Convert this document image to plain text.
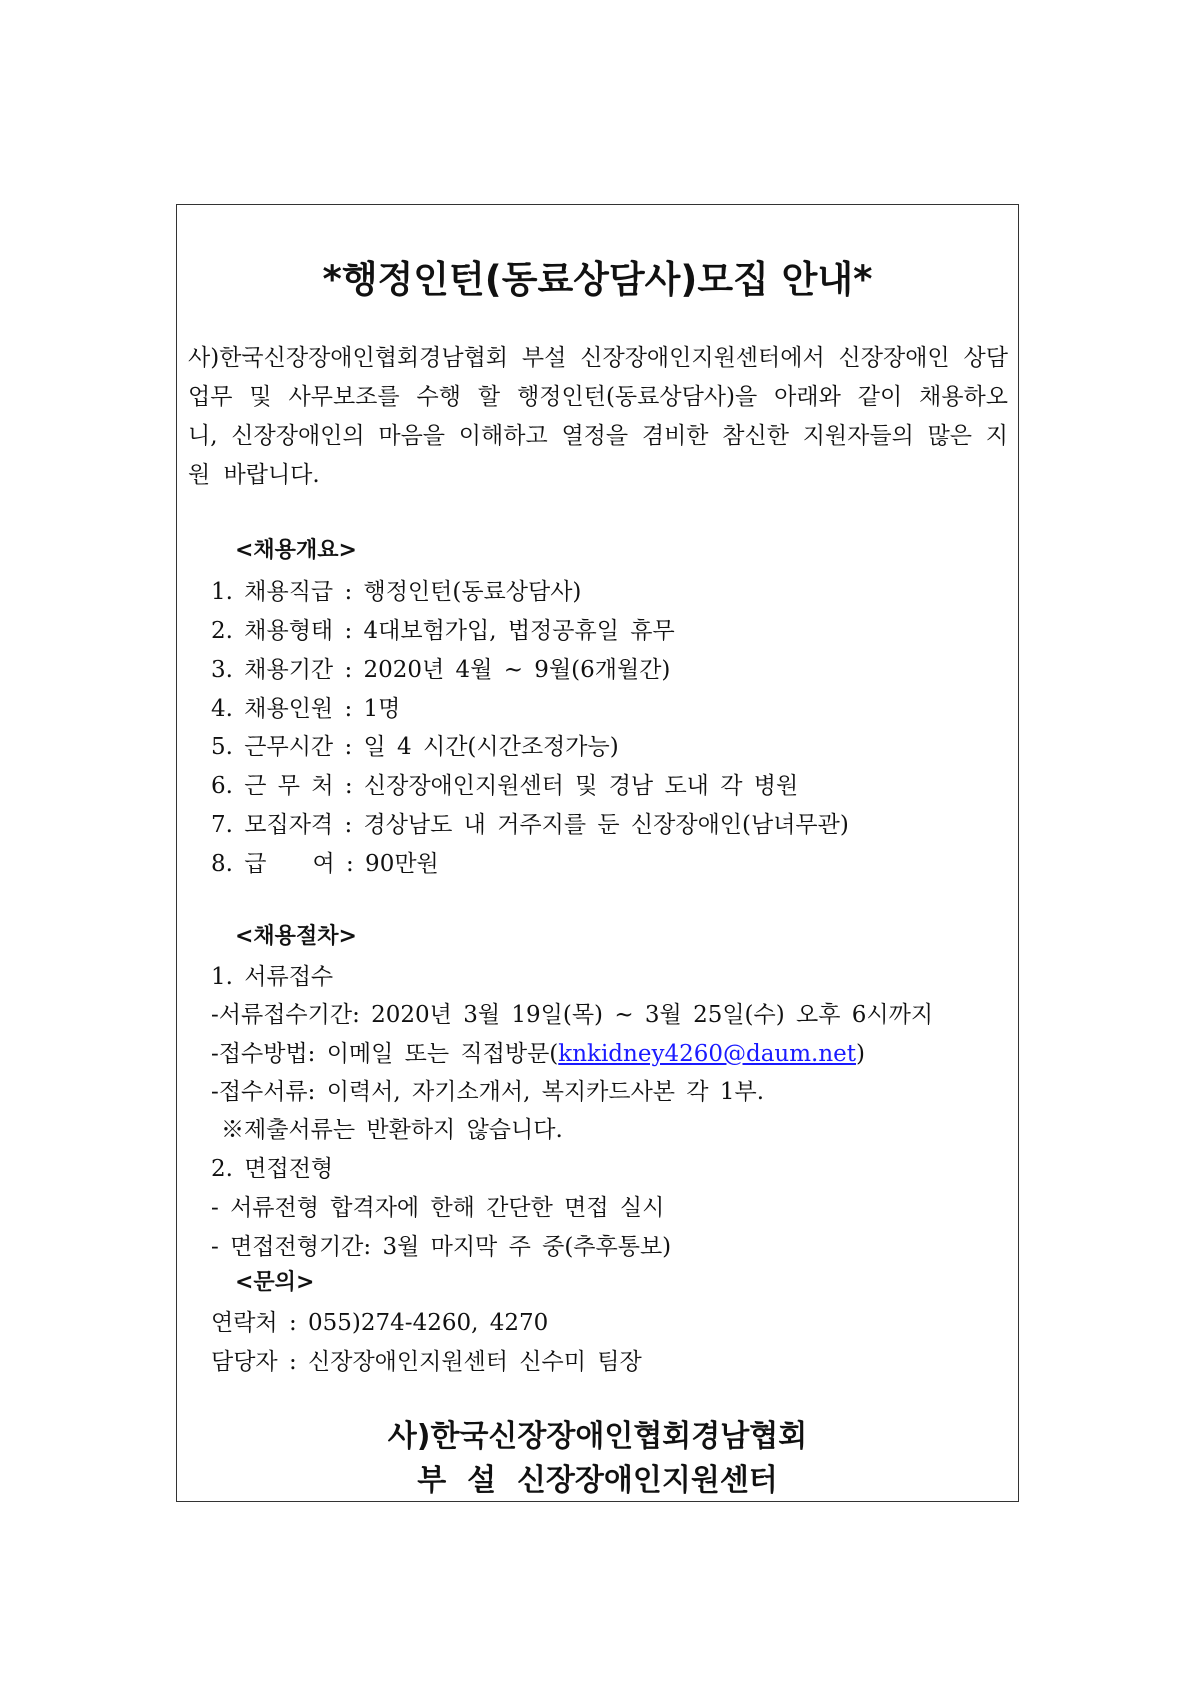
*행정인턴(동료상담사)모집 안내*

사)한국신장장애인협회경남협회 부설 신장장애인지원센터에서 신장장애인 상담업무 및 사무보조를 수행 할 행정인턴(동료상담사)을 아래와 같이 채용하오니, 신장장애인의 마음을 이해하고 열정을 겸비한 참신한 지원자들의 많은 지원 바랍니다.

<채용개요>
1. 채용직급 : 행정인턴(동료상담사)
2. 채용형태 : 4대보험가입, 법정공휴일 휴무
3. 채용기간 : 2020년 4월 ~ 9월(6개월간)
4. 채용인원 : 1명
5. 근무시간 : 일 4 시간(시간조정가능)
6. 근 무 처 : 신장장애인지원센터 및 경남 도내 각 병원
7. 모집자격 : 경상남도 내 거주지를 둔 신장장애인(남녀무관)
8. 급　　여 : 90만원
<채용절차>
1. 서류접수
-서류접수기간: 2020년 3월 19일(목) ~ 3월 25일(수) 오후 6시까지
-접수방법: 이메일 또는 직접방문(knkidney4260@daum.net)
-접수서류: 이력서, 자기소개서, 복지카드사본 각 1부.
※제출서류는 반환하지 않습니다.
2. 면접전형
- 서류전형 합격자에 한해 간단한 면접 실시
- 면접전형기간: 3월 마지막 주 중(추후통보)
<문의>
연락처 : 055)274-4260, 4270
담당자 : 신장장애인지원센터 신수미 팀장

사)한국신장장애인협회경남협회

부  설  신장장애인지원센터
